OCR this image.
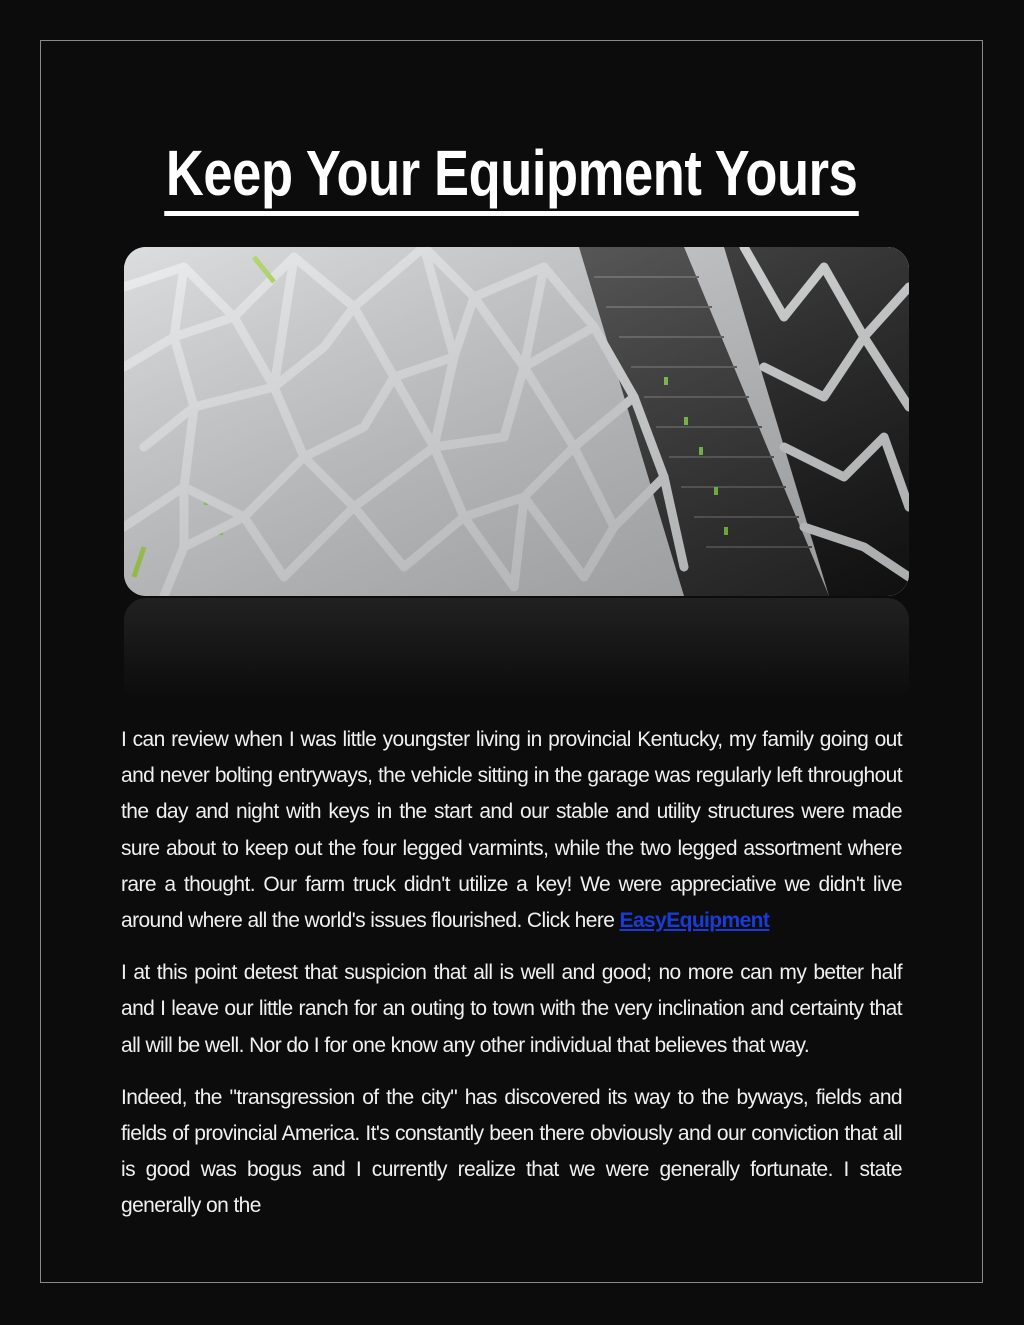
Keep Your Equipment Yours

I can review when I was little youngster living in provincial Kentucky, my family going out and never bolting entryways, the vehicle sitting in the garage was regularly left throughout the day and night with keys in the start and our stable and utility structures were made sure about to keep out the four legged varmints, while the two legged assortment where rare a thought. Our farm truck didn't utilize a key! We were appreciative we didn't live around where all the world's issues flourished. Click here EasyEquipment

I at this point detest that suspicion that all is well and good; no more can my better half and I leave our little ranch for an outing to town with the very inclination and certainty that all will be well. Nor do I for one know any other individual that believes that way.

Indeed, the "transgression of the city" has discovered its way to the byways, fields and fields of provincial America. It's constantly been there obviously and our conviction that all is good was bogus and I currently realize that we were generally fortunate. I state generally on the
